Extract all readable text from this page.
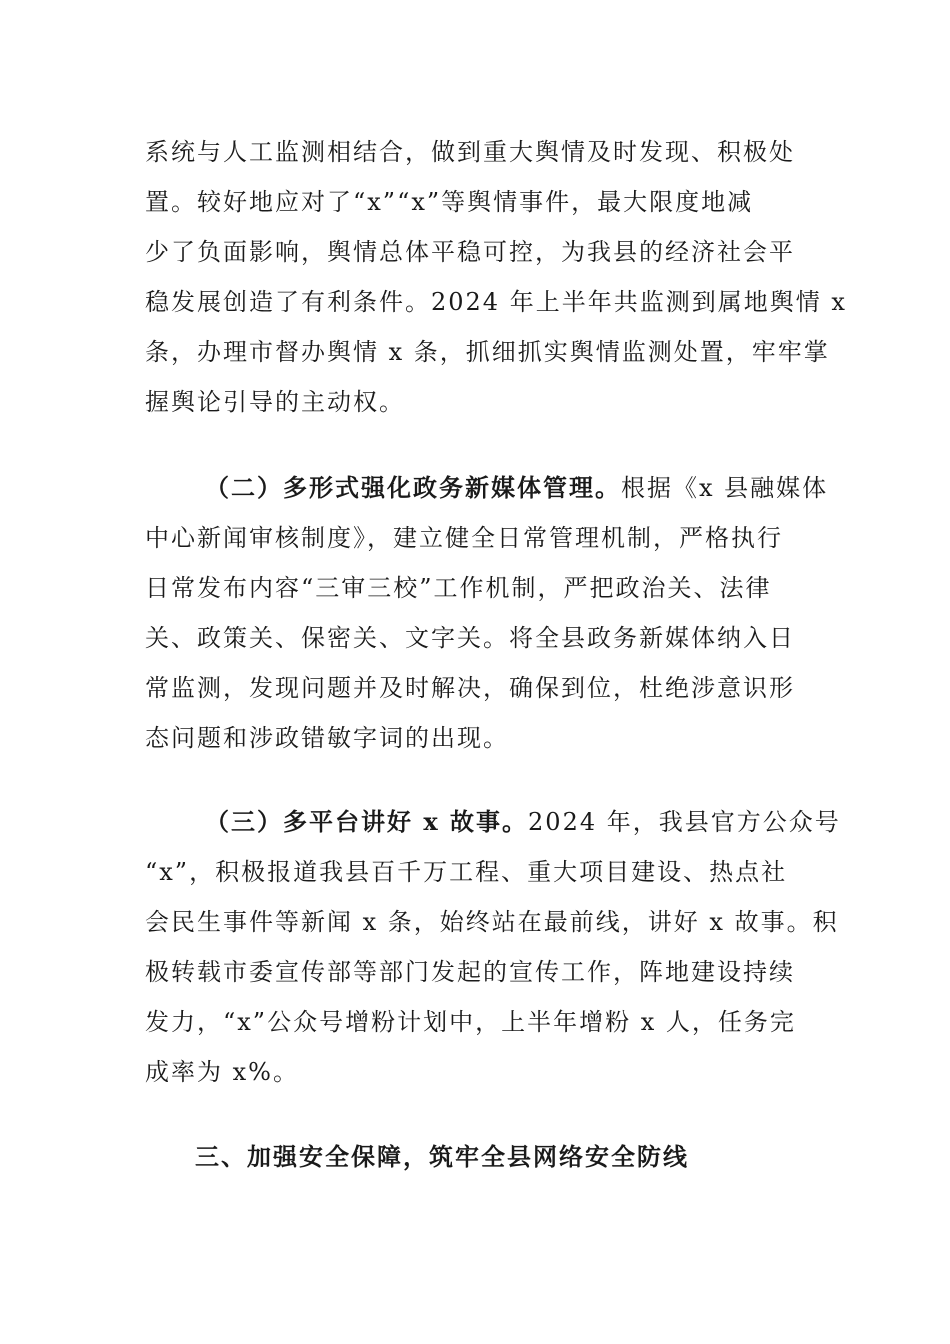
系统与人工监测相结合，做到重大舆情及时发现、积极处

置。较好地应对了“x”“x”等舆情事件，最大限度地减

少了负面影响，舆情总体平稳可控，为我县的经济社会平

稳发展创造了有利条件。2024 年上半年共监测到属地舆情 x

条，办理市督办舆情 x 条，抓细抓实舆情监测处置，牢牢掌

握舆论引导的主动权。

（二）多形式强化政务新媒体管理。根据《x 县融媒体

中心新闻审核制度》，建立健全日常管理机制，严格执行

日常发布内容“三审三校”工作机制，严把政治关、法律

关、政策关、保密关、文字关。将全县政务新媒体纳入日

常监测，发现问题并及时解决，确保到位，杜绝涉意识形

态问题和涉政错敏字词的出现。

（三）多平台讲好 x 故事。2024 年，我县官方公众号

“x”，积极报道我县百千万工程、重大项目建设、热点社

会民生事件等新闻 x 条，始终站在最前线，讲好 x 故事。积

极转载市委宣传部等部门发起的宣传工作，阵地建设持续

发力，“x”公众号增粉计划中，上半年增粉 x 人，任务完

成率为 x%。

三、加强安全保障，筑牢全县网络安全防线
